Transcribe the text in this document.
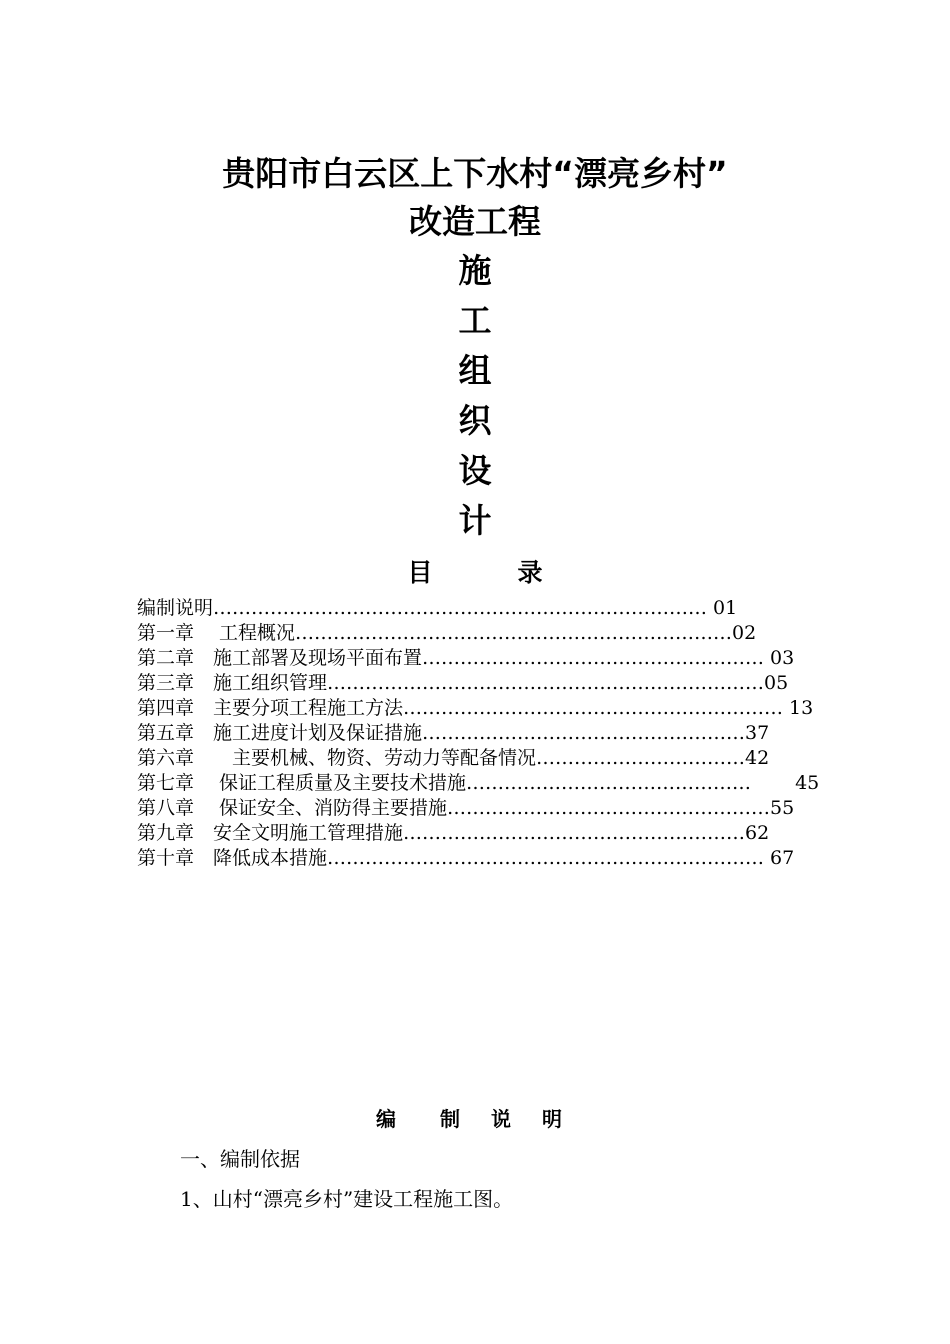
贵阳市白云区上下水村“漂亮乡村”
改造工程
施
工
组
织
设
计
目	录
编制说明…………………………………………………………………… 01
第一章　 工程概况……………………………………………………………02
第二章　施工部署及现场平面布置……………………………………………… 03
第三章　施工组织管理……………………………………………………………05
第四章　主要分项工程施工方法…………………………………………………… 13
第五章　施工进度计划及保证措施……………………………………………37
第六章　　主要机械、物资、劳动力等配备情况……………………………42
第七章　 保证工程质量及主要技术措施………………………………………　　 45
第八章　 保证安全、消防得主要措施……………………………………………55
第九章　安全文明施工管理措施………………………………………………62
第十章　降低成本措施…………………………………………………………… 67
编　制 说 明
一、编制依据
1、山村“漂亮乡村”建设工程施工图。
